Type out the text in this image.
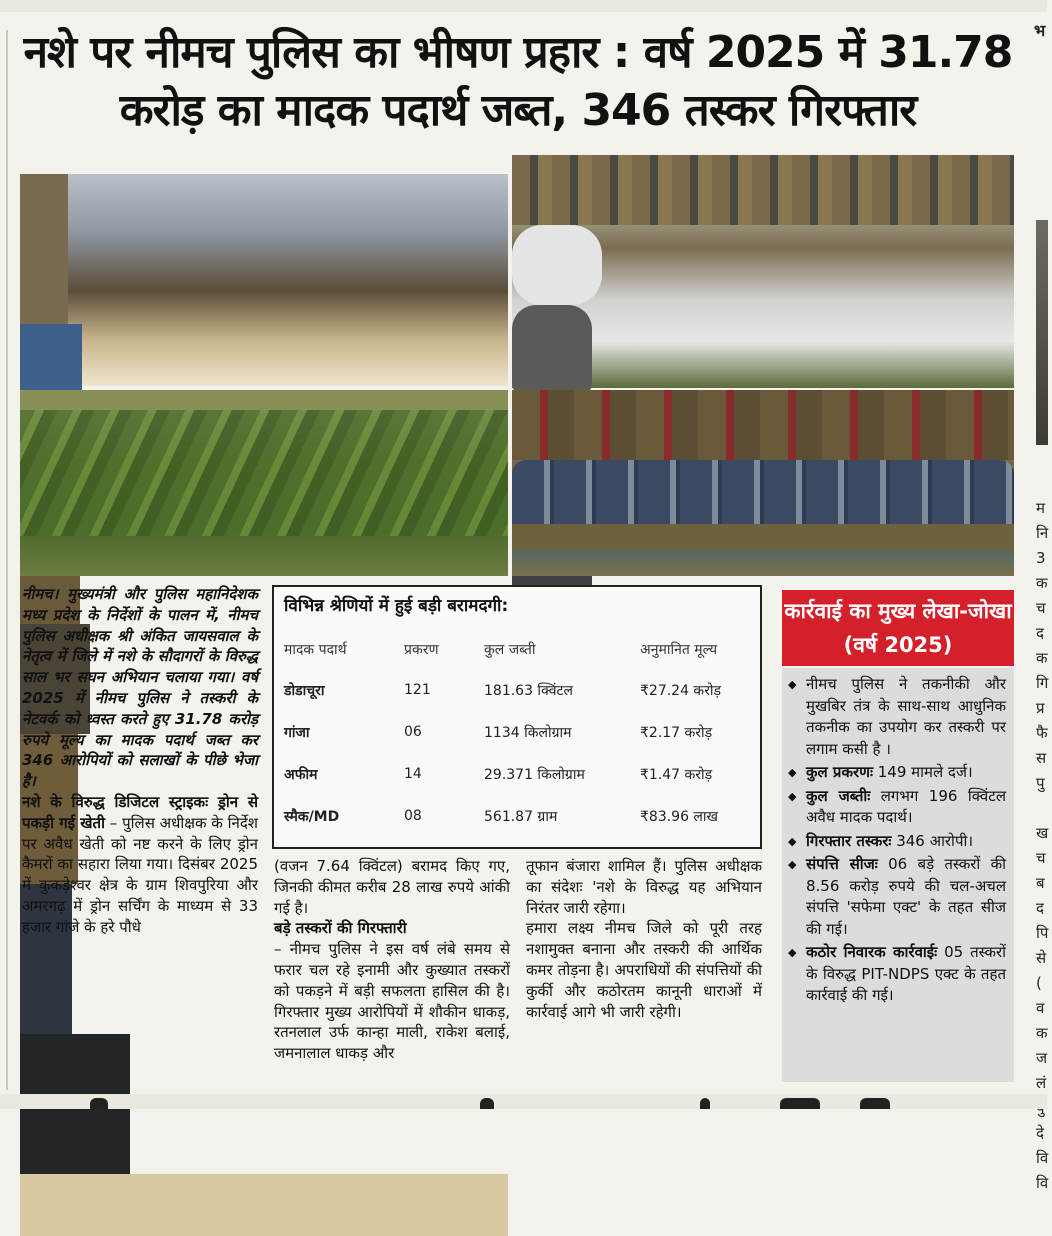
नशे पर नीमच पुलिस का भीषण प्रहार : वर्ष 2025 में 31.78
करोड़ का मादक पदार्थ जब्त, 346 तस्कर गिरफ्तार
नीमच। मुख्यमंत्री और पुलिस महानिदेशक मध्य प्रदेश के निर्देशों के पालन में, नीमच पुलिस अधीक्षक श्री अंकित जायसवाल के नेतृत्व में जिले में नशे के सौदागरों के विरुद्ध साल भर सघन अभियान चलाया गया। वर्ष 2025 में नीमच पुलिस ने तस्करी के नेटवर्क को ध्वस्त करते हुए 31.78 करोड़ रुपये मूल्य का मादक पदार्थ जब्त कर 346 आरोपियों को सलाखों के पीछे भेजा है।
नशे के विरुद्ध डिजिटल स्ट्राइकः ड्रोन से पकड़ी गई खेती – पुलिस अधीक्षक के निर्देश पर अवैध खेती को नष्ट करने के लिए ड्रोन कैमरों का सहारा लिया गया। दिसंबर 2025 में कुकड़ेश्वर क्षेत्र के ग्राम शिवपुरिया और अमरगढ़ में ड्रोन सर्चिंग के माध्यम से 33 हजार गांजे के हरे पौधे
विभिन्न श्रेणियों में हुई बड़ी बरामदगी:
मादक पदार्थ	प्रकरण	कुल जब्ती	अनुमानित मूल्य
डोडाचूरा	121	181.63 क्विंटल	₹27.24 करोड़
गांजा	06	1134 किलोग्राम	₹2.17 करोड़
अफीम	14	29.371 किलोग्राम	₹1.47 करोड़
स्मैक/MD	08	561.87 ग्राम	₹83.96 लाख
(वजन 7.64 क्विंटल) बरामद किए गए, जिनकी कीमत करीब 28 लाख रुपये आंकी गई है।
बड़े तस्करों की गिरफ्तारी
– नीमच पुलिस ने इस वर्ष लंबे समय से फरार चल रहे इनामी और कुख्यात तस्करों को पकड़ने में बड़ी सफलता हासिल की है। गिरफ्तार मुख्य आरोपियों में शौकीन धाकड़, रतनलाल उर्फ कान्हा माली, राकेश बलाई, जमनालाल धाकड़ और
तूफान बंजारा शामिल हैं। पुलिस अधीक्षक का संदेशः 'नशे के विरुद्ध यह अभियान निरंतर जारी रहेगा।
हमारा लक्ष्य नीमच जिले को पूरी तरह नशामुक्त बनाना और तस्करी की आर्थिक कमर तोड़ना है। अपराधियों की संपत्तियों की कुर्की और कठोरतम कानूनी धाराओं में कार्रवाई आगे भी जारी रहेगी।
कार्रवाई का मुख्य लेखा-जोखा (वर्ष 2025)
◆ नीमच पुलिस ने तकनीकी और मुखबिर तंत्र के साथ-साथ आधुनिक तकनीक का उपयोग कर तस्करी पर लगाम कसी है ।
◆ कुल प्रकरणः 149 मामले दर्ज।
◆ कुल जब्तीः लगभग 196 क्विंटल अवैध मादक पदार्थ।
◆ गिरफ्तार तस्करः 346 आरोपी।
◆ संपत्ति सीजः 06 बड़े तस्करों की 8.56 करोड़ रुपये की चल-अचल संपत्ति 'सफेमा एक्ट' के तहत सीज की गई।
◆ कठोर निवारक कार्रवाईः 05 तस्करों के विरुद्ध PIT-NDPS एक्ट के तहत कार्रवाई की गई।
भ
म
नि
3
क
च
द
क
गि
प्र
फै
स
पु

ख
च
ब
द
पि
से
(
व
क
ज
लं
दे
वि
वि
